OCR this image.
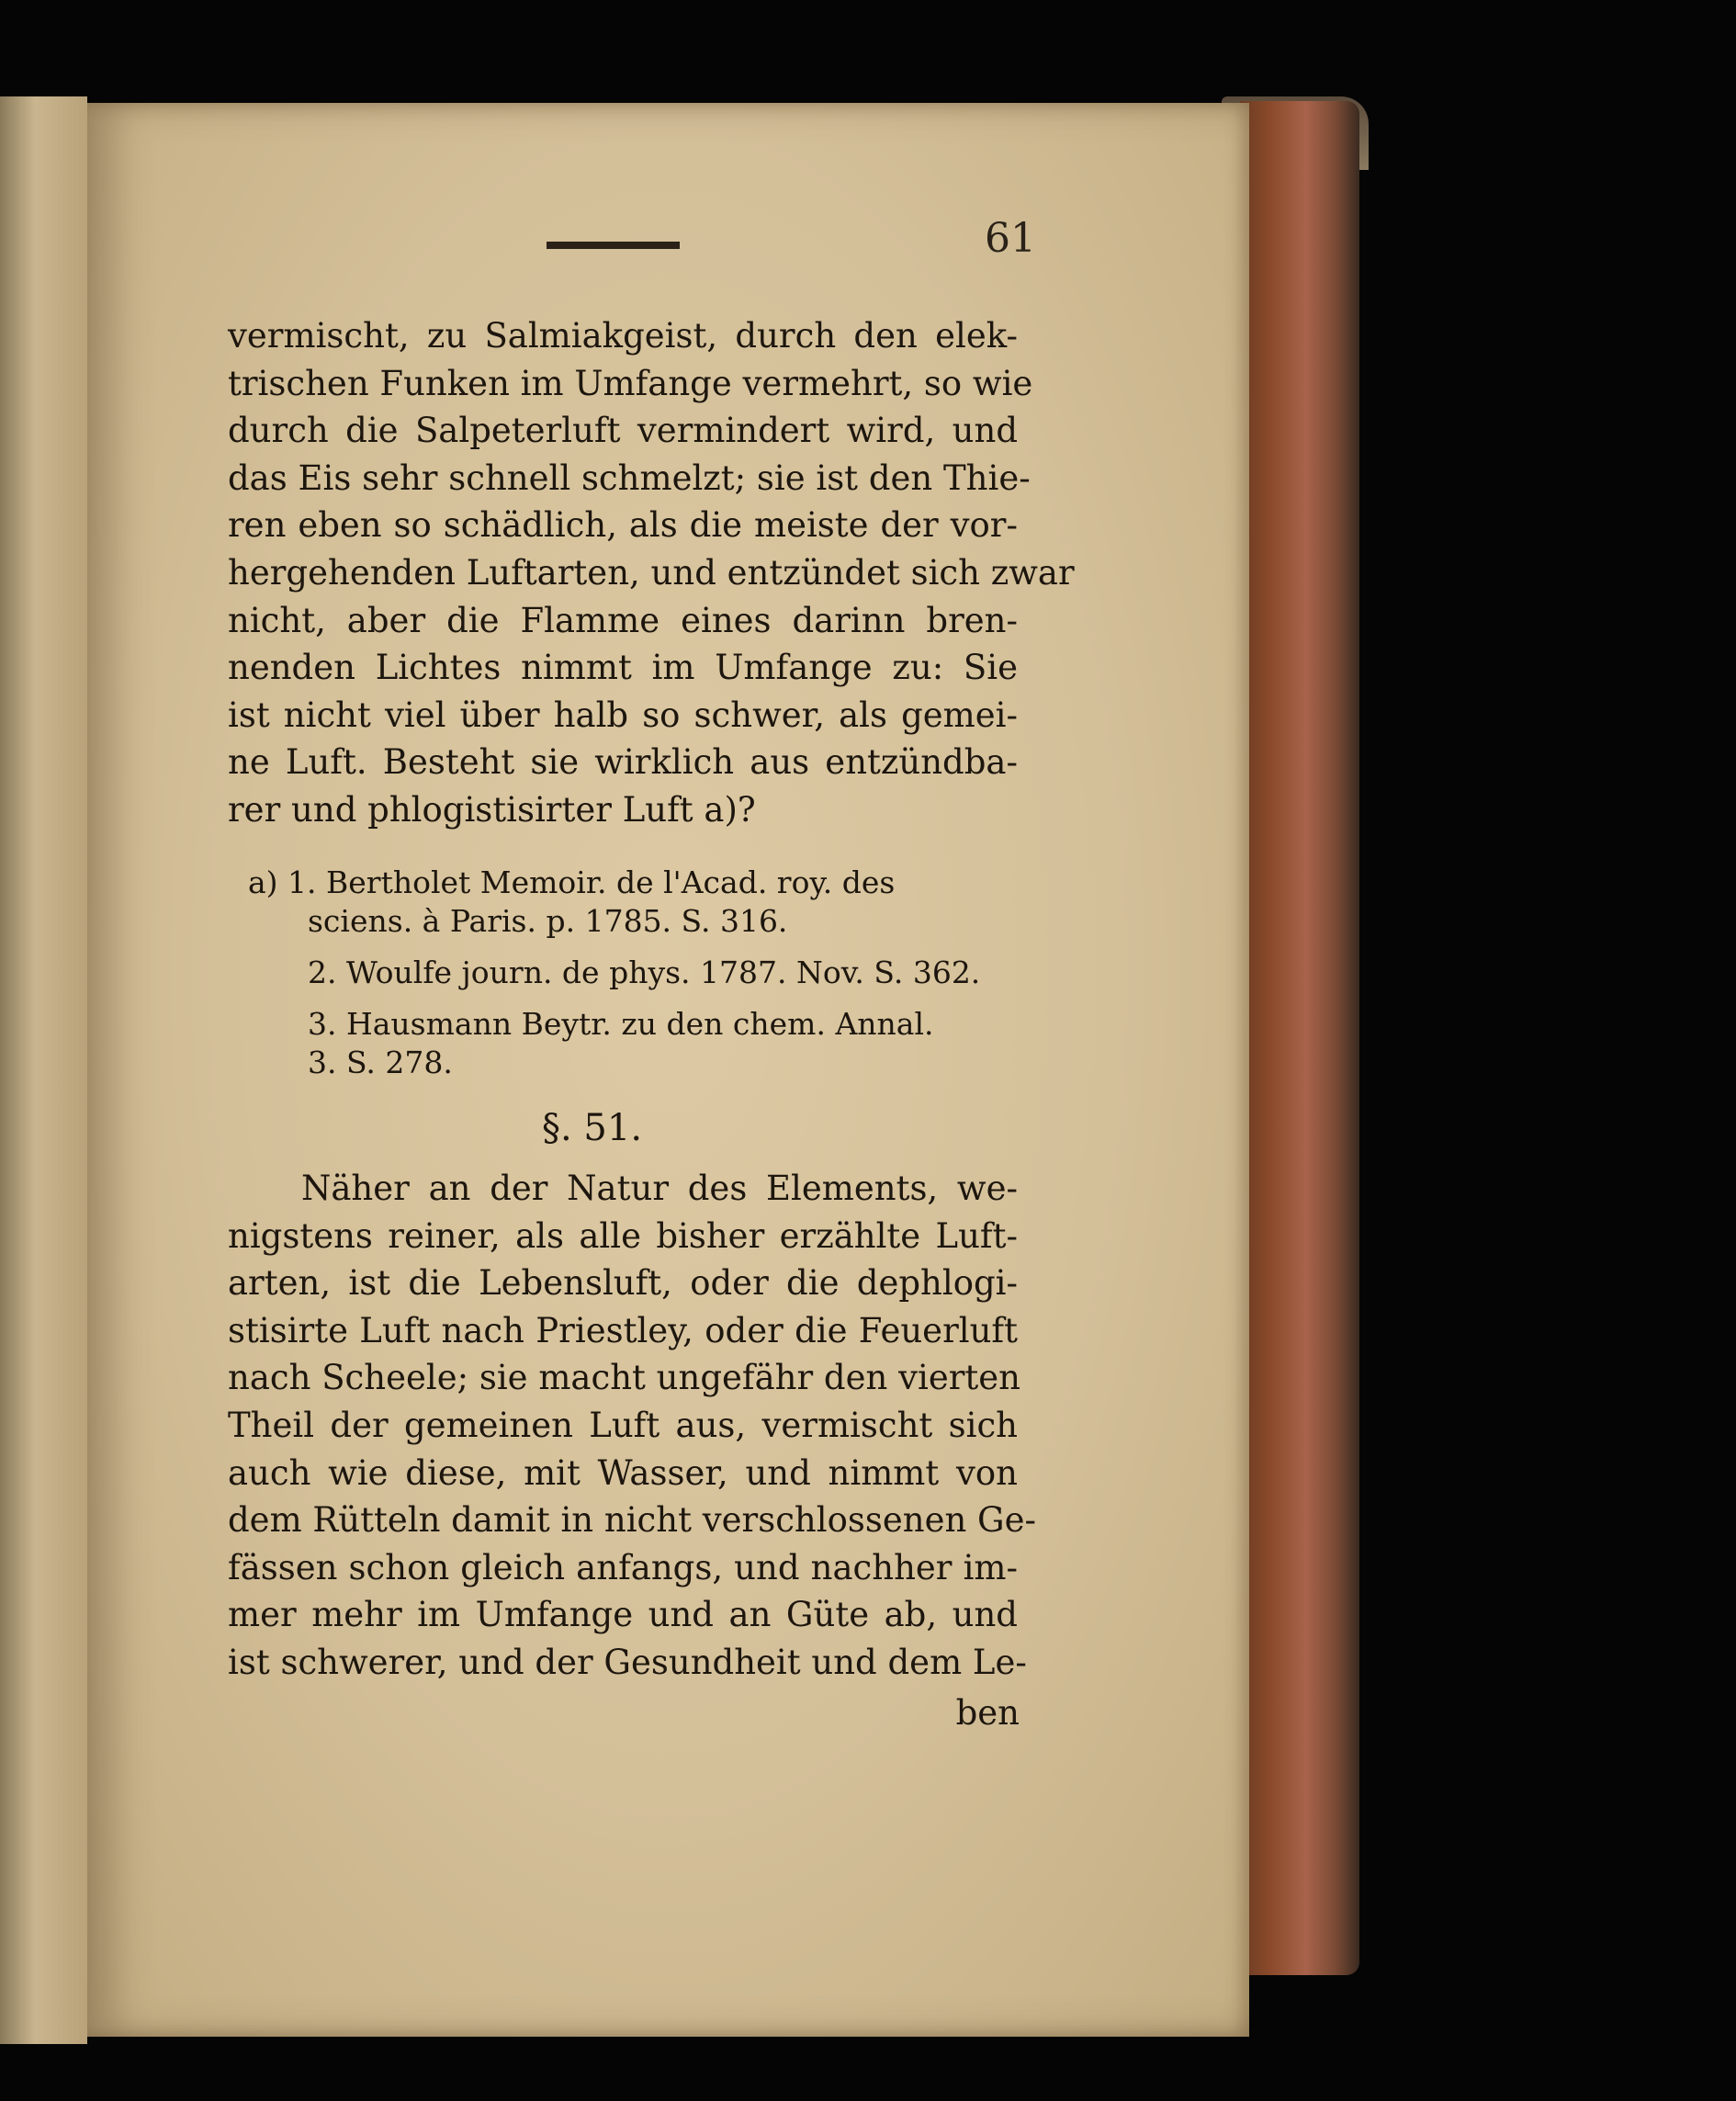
61
vermischt, zu Salmiakgeist, durch den elek-
trischen Funken im Umfange vermehrt, so wie
durch die Salpeterluft vermindert wird, und
das Eis sehr schnell schmelzt; sie ist den Thie-
ren eben so schädlich, als die meiste der vor-
hergehenden Luftarten, und entzündet sich zwar
nicht, aber die Flamme eines darinn bren-
nenden Lichtes nimmt im Umfange zu: Sie
ist nicht viel über halb so schwer, als gemei-
ne Luft. Besteht sie wirklich aus entzündba-
rer und phlogistisirter Luft a)?
a) 1. Bertholet Memoir. de l'Acad. roy. des
sciens. à Paris. p. 1785. S. 316.
2. Woulfe journ. de phys. 1787. Nov. S. 362.
3. Hausmann Beytr. zu den chem. Annal.
3. S. 278.
§. 51.
Näher an der Natur des Elements, we-
nigstens reiner, als alle bisher erzählte Luft-
arten, ist die Lebensluft, oder die dephlogi-
stisirte Luft nach Priestley, oder die Feuerluft
nach Scheele; sie macht ungefähr den vierten
Theil der gemeinen Luft aus, vermischt sich
auch wie diese, mit Wasser, und nimmt von
dem Rütteln damit in nicht verschlossenen Ge-
fässen schon gleich anfangs, und nachher im-
mer mehr im Umfange und an Güte ab, und
ist schwerer, und der Gesundheit und dem Le-
ben
